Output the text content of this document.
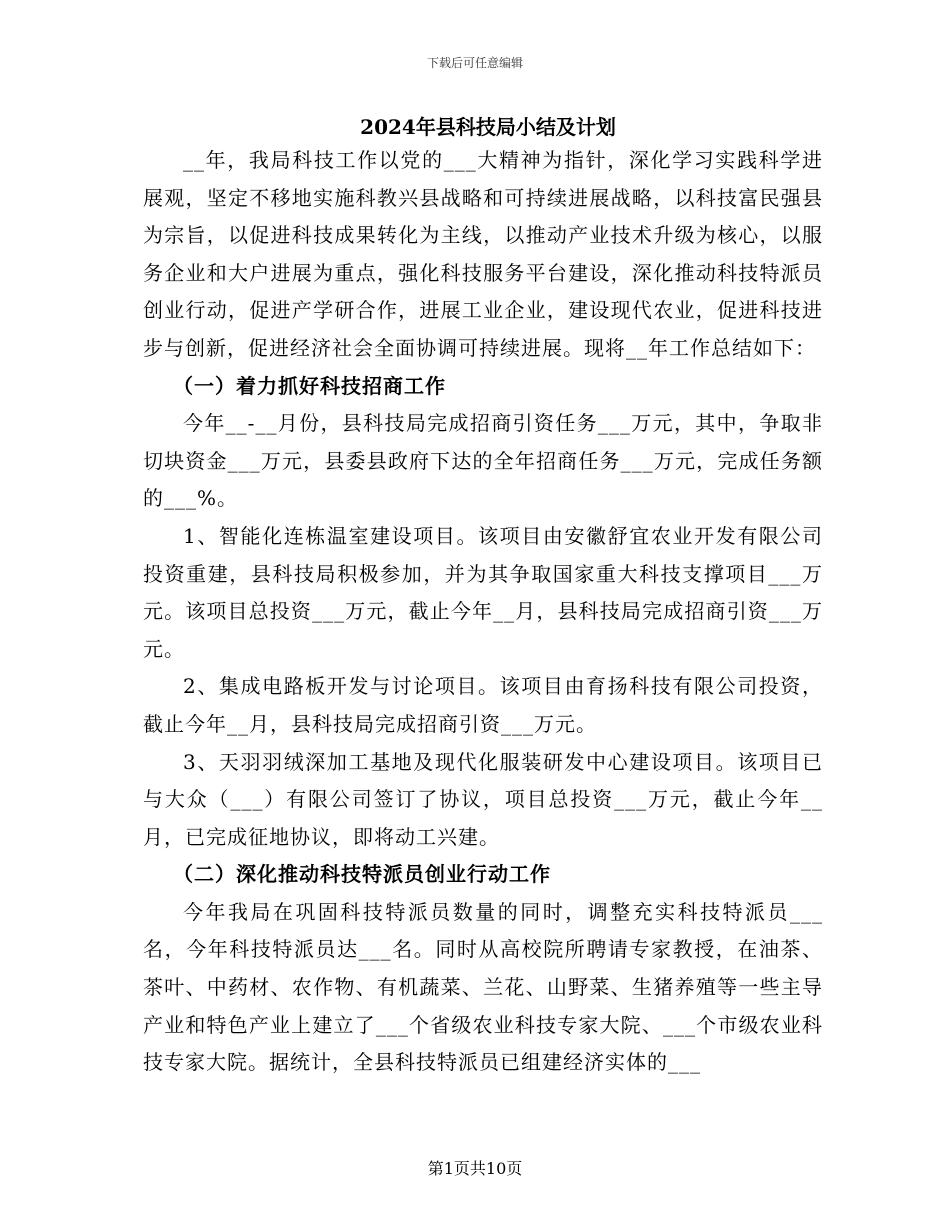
下载后可任意编辑
2024年县科技局小结及计划

__年，我局科技工作以党的___大精神为指针，深化学习实践科学进展观，坚定不移地实施科教兴县战略和可持续进展战略，以科技富民强县为宗旨，以促进科技成果转化为主线，以推动产业技术升级为核心，以服务企业和大户进展为重点，强化科技服务平台建设，深化推动科技特派员创业行动，促进产学研合作，进展工业企业，建设现代农业，促进科技进步与创新，促进经济社会全面协调可持续进展。现将__年工作总结如下：

（一）着力抓好科技招商工作

今年__-__月份，县科技局完成招商引资任务___万元，其中，争取非切块资金___万元，县委县政府下达的全年招商任务___万元，完成任务额的___%。

1、智能化连栋温室建设项目。该项目由安徽舒宜农业开发有限公司投资重建，县科技局积极参加，并为其争取国家重大科技支撑项目___万元。该项目总投资___万元，截止今年__月，县科技局完成招商引资___万元。

2、集成电路板开发与讨论项目。该项目由育扬科技有限公司投资，截止今年__月，县科技局完成招商引资___万元。

3、天羽羽绒深加工基地及现代化服装研发中心建设项目。该项目已与大众（___）有限公司签订了协议，项目总投资___万元，截止今年__月，已完成征地协议，即将动工兴建。

（二）深化推动科技特派员创业行动工作

今年我局在巩固科技特派员数量的同时，调整充实科技特派员___名，今年科技特派员达___名。同时从高校院所聘请专家教授，在油茶、茶叶、中药材、农作物、有机蔬菜、兰花、山野菜、生猪养殖等一些主导产业和特色产业上建立了___个省级农业科技专家大院、___个市级农业科技专家大院。据统计，全县科技特派员已组建经济实体的___

第1页共10页
